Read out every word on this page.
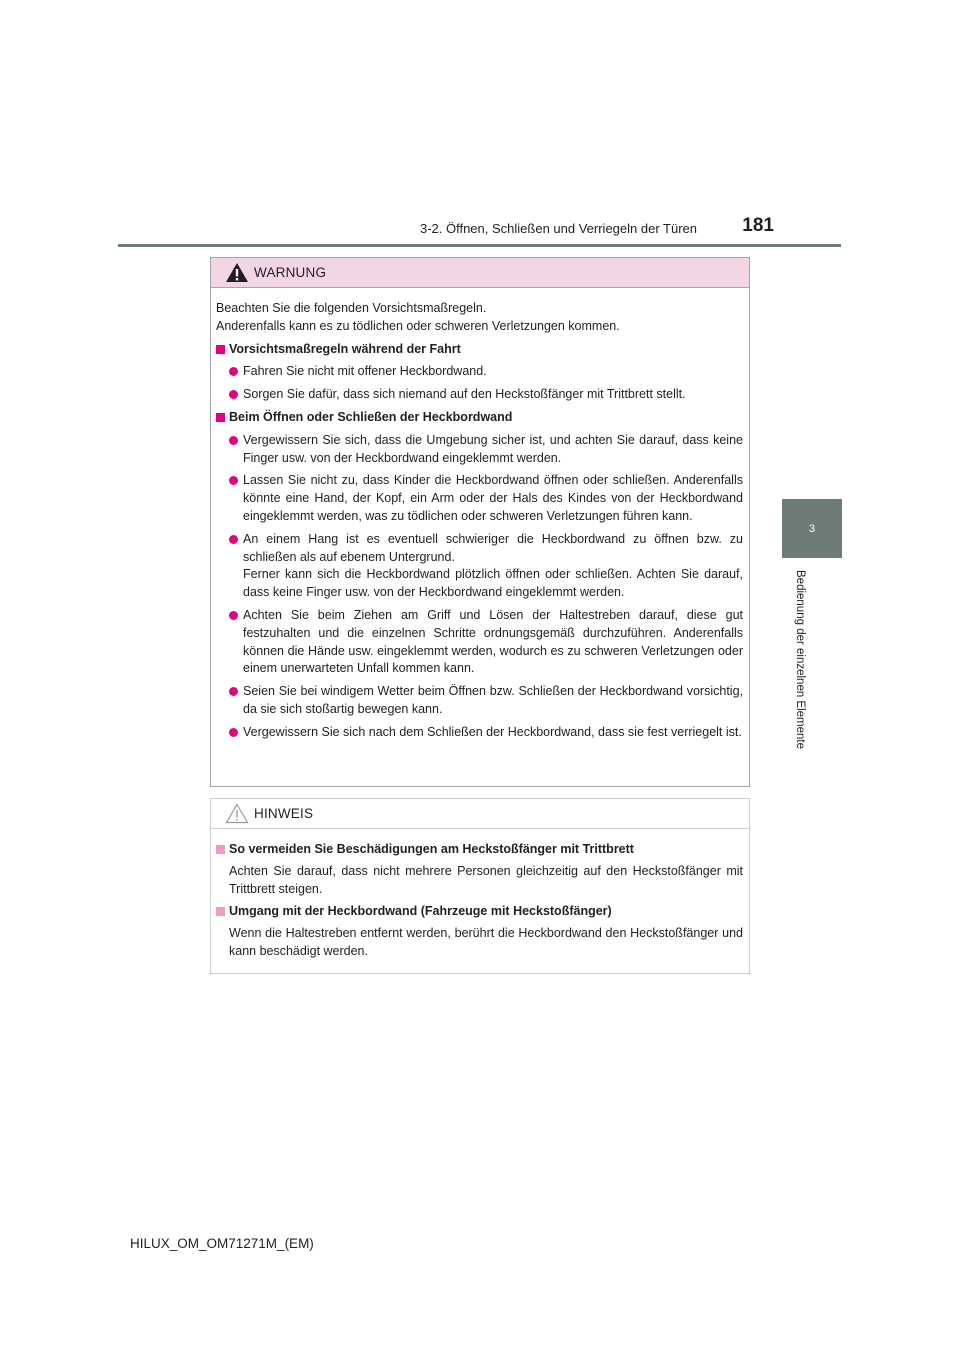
3-2. Öffnen, Schließen und Verriegeln der Türen	181
3
Bedienung der einzelnen Elemente
WARNUNG

Beachten Sie die folgenden Vorsichtsmaßregeln.

Anderenfalls kann es zu tödlichen oder schweren Verletzungen kommen.

Vorsichtsmaßregeln während der Fahrt

Fahren Sie nicht mit offener Heckbordwand.
Sorgen Sie dafür, dass sich niemand auf den Heckstoßfänger mit Trittbrett stellt.

Beim Öffnen oder Schließen der Heckbordwand

Vergewissern Sie sich, dass die Umgebung sicher ist, und achten Sie darauf, dass keine Finger usw. von der Heckbordwand eingeklemmt werden.
Lassen Sie nicht zu, dass Kinder die Heckbordwand öffnen oder schließen. Anderenfalls könnte eine Hand, der Kopf, ein Arm oder der Hals des Kindes von der Heckbordwand eingeklemmt werden, was zu tödlichen oder schweren Verletzungen führen kann.
An einem Hang ist es eventuell schwieriger die Heckbordwand zu öffnen bzw. zu schließen als auf ebenem Untergrund.
Ferner kann sich die Heckbordwand plötzlich öffnen oder schließen. Achten Sie darauf, dass keine Finger usw. von der Heckbordwand eingeklemmt werden.
Achten Sie beim Ziehen am Griff und Lösen der Haltestreben darauf, diese gut festzuhalten und die einzelnen Schritte ordnungsgemäß durchzuführen. Anderenfalls können die Hände usw. eingeklemmt werden, wodurch es zu schweren Verletzungen oder einem unerwarteten Unfall kommen kann.
Seien Sie bei windigem Wetter beim Öffnen bzw. Schließen der Heckbordwand vorsichtig, da sie sich stoßartig bewegen kann.
Vergewissern Sie sich nach dem Schließen der Heckbordwand, dass sie fest verriegelt ist.
HINWEIS

So vermeiden Sie Beschädigungen am Heckstoßfänger mit Trittbrett

Achten Sie darauf, dass nicht mehrere Personen gleichzeitig auf den Heckstoßfänger mit Trittbrett steigen.

Umgang mit der Heckbordwand (Fahrzeuge mit Heckstoßfänger)

Wenn die Haltestreben entfernt werden, berührt die Heckbordwand den Heckstoßfänger und kann beschädigt werden.

HILUX_OM_OM71271M_(EM)
